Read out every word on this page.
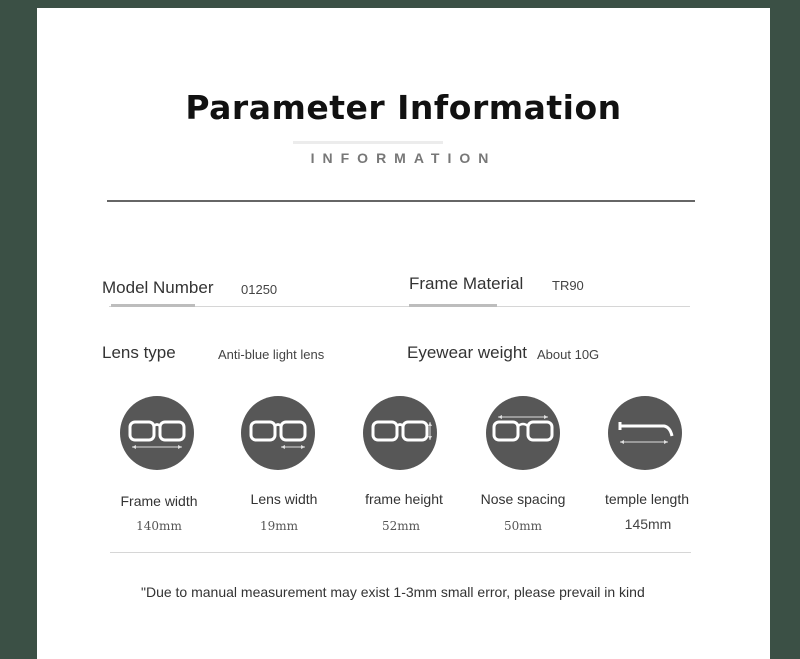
Parameter Information
INFORMATION
Model Number 01250	Frame Material TR90
Lens type	Anti-blue light lens	Eyewear weight About 10G
Frame width
140mm
Lens width
19mm
frame height
52mm
Nose spacing
50mm
temple length
145mm
"Due to manual measurement may exist 1-3mm small error, please prevail in kind
